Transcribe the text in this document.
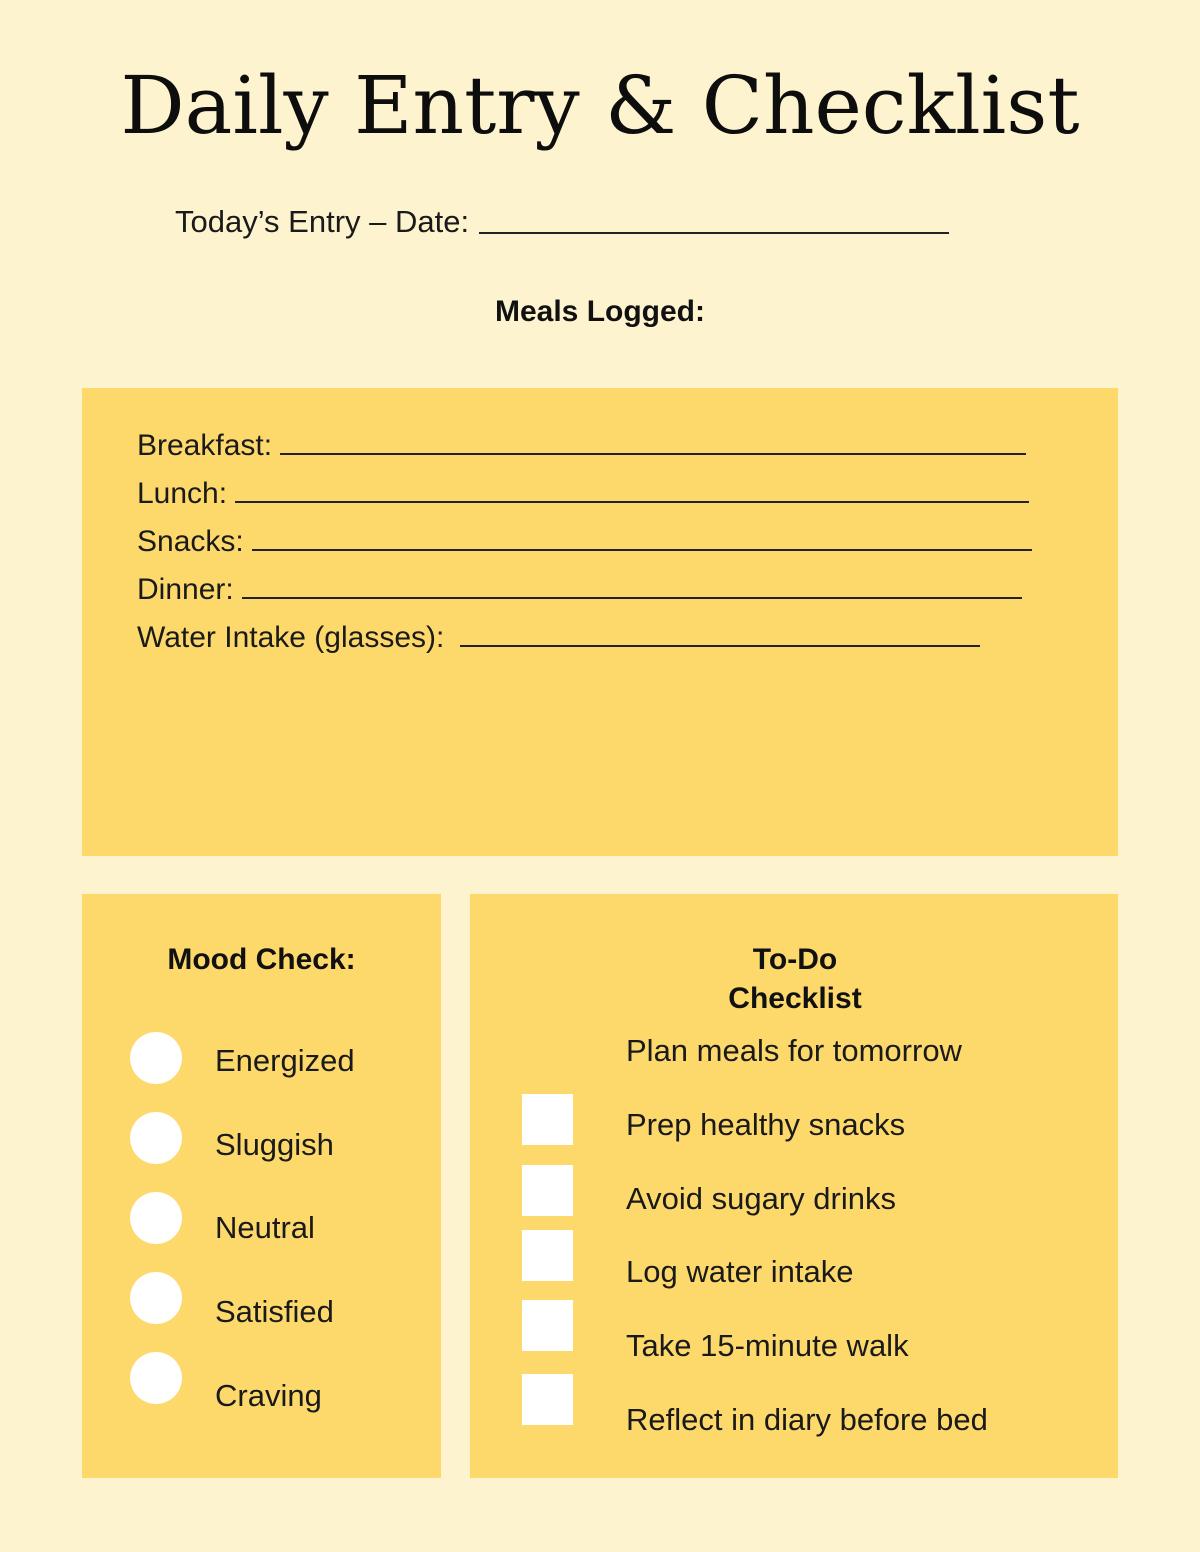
Daily Entry & Checklist
Today’s Entry – Date:
Meals Logged:
Breakfast:
Lunch:
Snacks:
Dinner:
Water Intake (glasses):
Mood Check:
Energized
Sluggish
Neutral
Satisfied
Craving
To-Do
Checklist
Plan meals for tomorrow
Prep healthy snacks
Avoid sugary drinks
Log water intake
Take 15-minute walk
Reflect in diary before bed
